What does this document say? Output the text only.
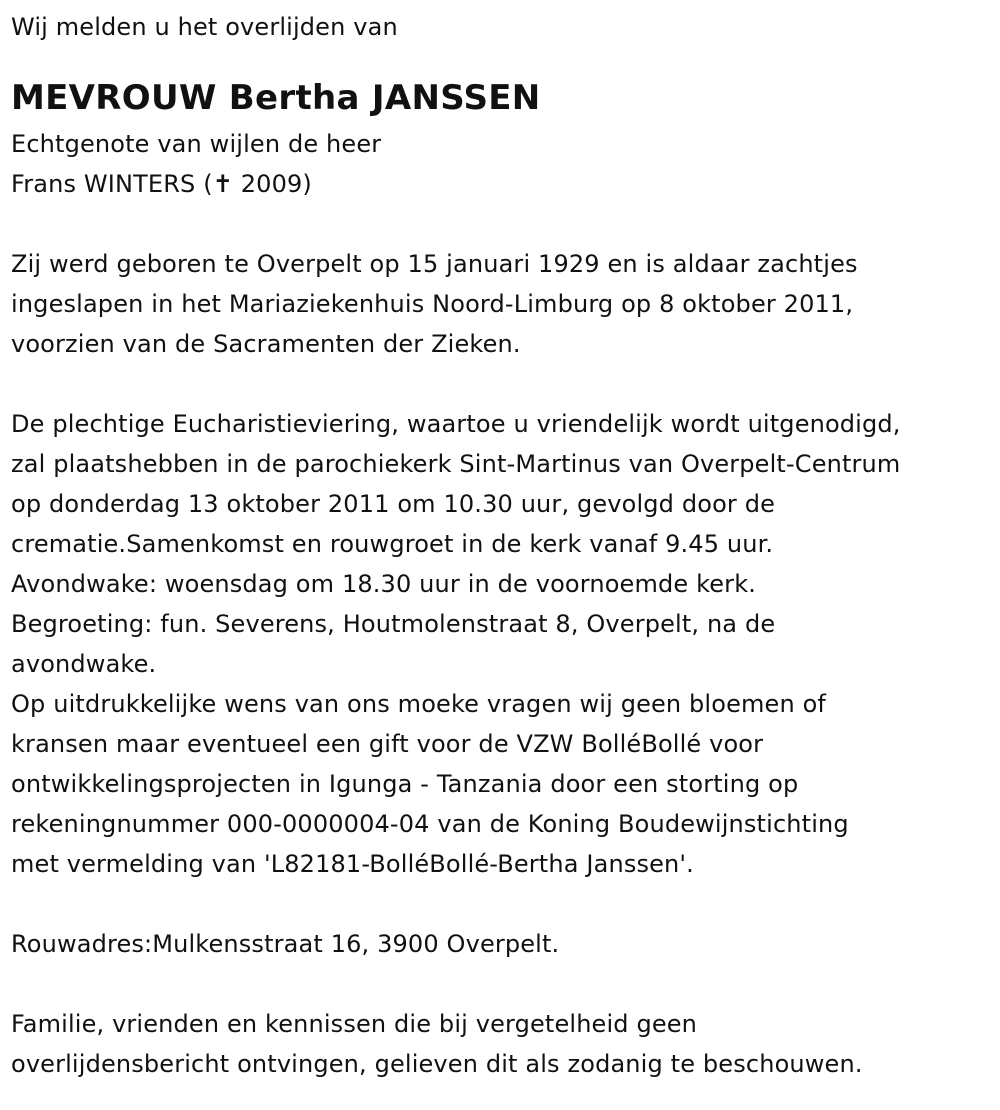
Wij melden u het overlijden van
MEVROUW Bertha JANSSEN
Echtgenote van wijlen de heer
Frans WINTERS (✝ 2009)
Zij werd geboren te Overpelt op 15 januari 1929 en is aldaar zachtjes
ingeslapen in het Mariaziekenhuis Noord-Limburg op 8 oktober 2011,
voorzien van de Sacramenten der Zieken.
De plechtige Eucharistieviering, waartoe u vriendelijk wordt uitgenodigd,
zal plaatshebben in de parochiekerk Sint-Martinus van Overpelt-Centrum
op donderdag 13 oktober 2011 om 10.30 uur, gevolgd door de
crematie.Samenkomst en rouwgroet in de kerk vanaf 9.45 uur.
Avondwake: woensdag om 18.30 uur in de voornoemde kerk.
Begroeting: fun. Severens, Houtmolenstraat 8, Overpelt, na de
avondwake.
Op uitdrukkelijke wens van ons moeke vragen wij geen bloemen of
kransen maar eventueel een gift voor de VZW BolléBollé voor
ontwikkelingsprojecten in Igunga - Tanzania door een storting op
rekeningnummer 000-0000004-04 van de Koning Boudewijnstichting
met vermelding van 'L82181-BolléBollé-Bertha Janssen'.
Rouwadres:Mulkensstraat 16, 3900 Overpelt.
Familie, vrienden en kennissen die bij vergetelheid geen
overlijdensbericht ontvingen, gelieven dit als zodanig te beschouwen.
